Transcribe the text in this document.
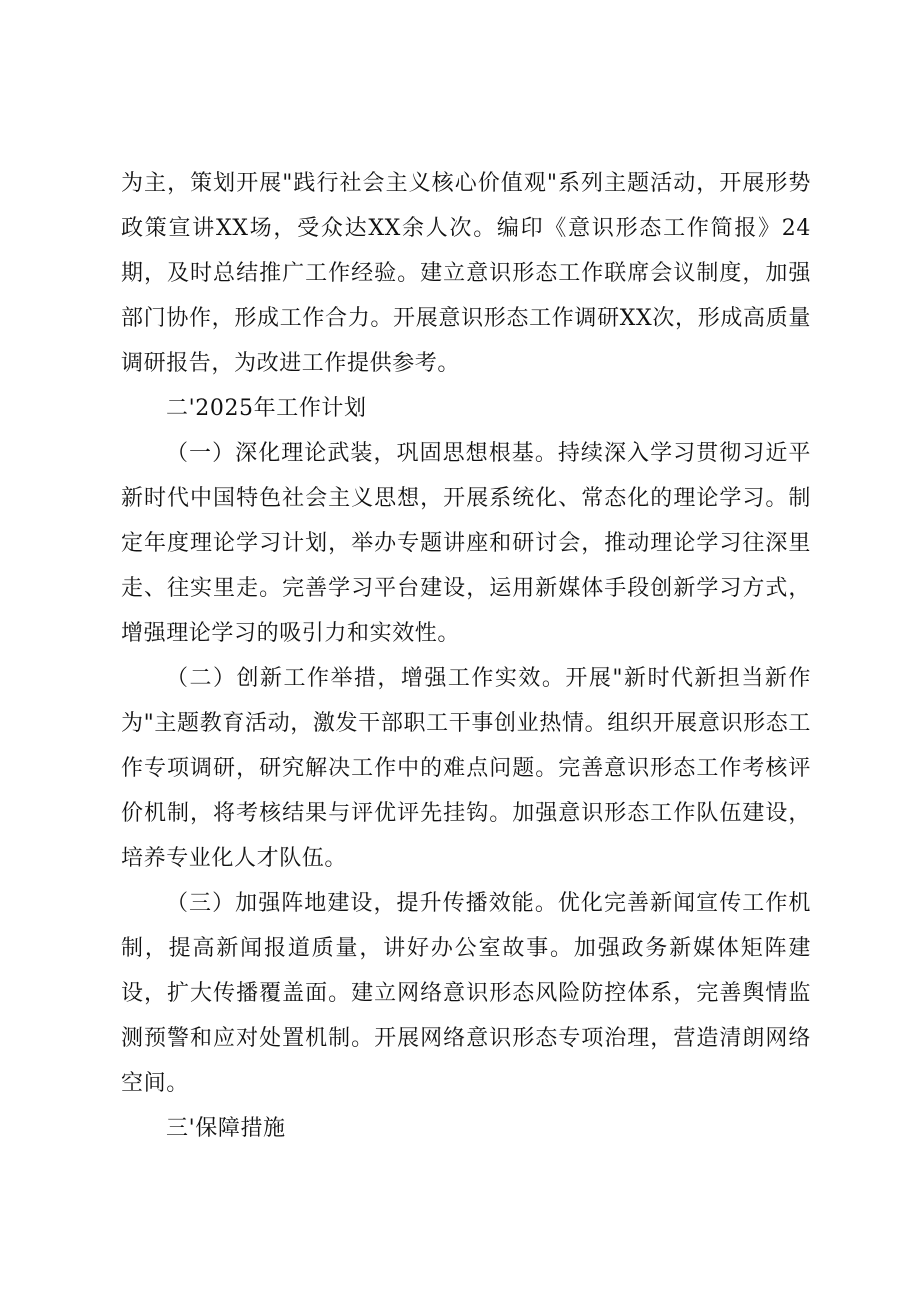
为主，策划开展"践行社会主义核心价值观"系列主题活动，开展形势政策宣讲XX场，受众达XX余人次。编印《意识形态工作简报》24期，及时总结推广工作经验。建立意识形态工作联席会议制度，加强部门协作，形成工作合力。开展意识形态工作调研XX次，形成高质量调研报告，为改进工作提供参考。

二'2025年工作计划

（一）深化理论武装，巩固思想根基。持续深入学习贯彻习近平新时代中国特色社会主义思想，开展系统化、常态化的理论学习。制定年度理论学习计划，举办专题讲座和研讨会，推动理论学习往深里走、往实里走。完善学习平台建设，运用新媒体手段创新学习方式，增强理论学习的吸引力和实效性。

（二）创新工作举措，增强工作实效。开展"新时代新担当新作为"主题教育活动，激发干部职工干事创业热情。组织开展意识形态工作专项调研，研究解决工作中的难点问题。完善意识形态工作考核评价机制，将考核结果与评优评先挂钩。加强意识形态工作队伍建设，培养专业化人才队伍。

（三）加强阵地建设，提升传播效能。优化完善新闻宣传工作机制，提高新闻报道质量，讲好办公室故事。加强政务新媒体矩阵建设，扩大传播覆盖面。建立网络意识形态风险防控体系，完善舆情监测预警和应对处置机制。开展网络意识形态专项治理，营造清朗网络空间。

三'保障措施
